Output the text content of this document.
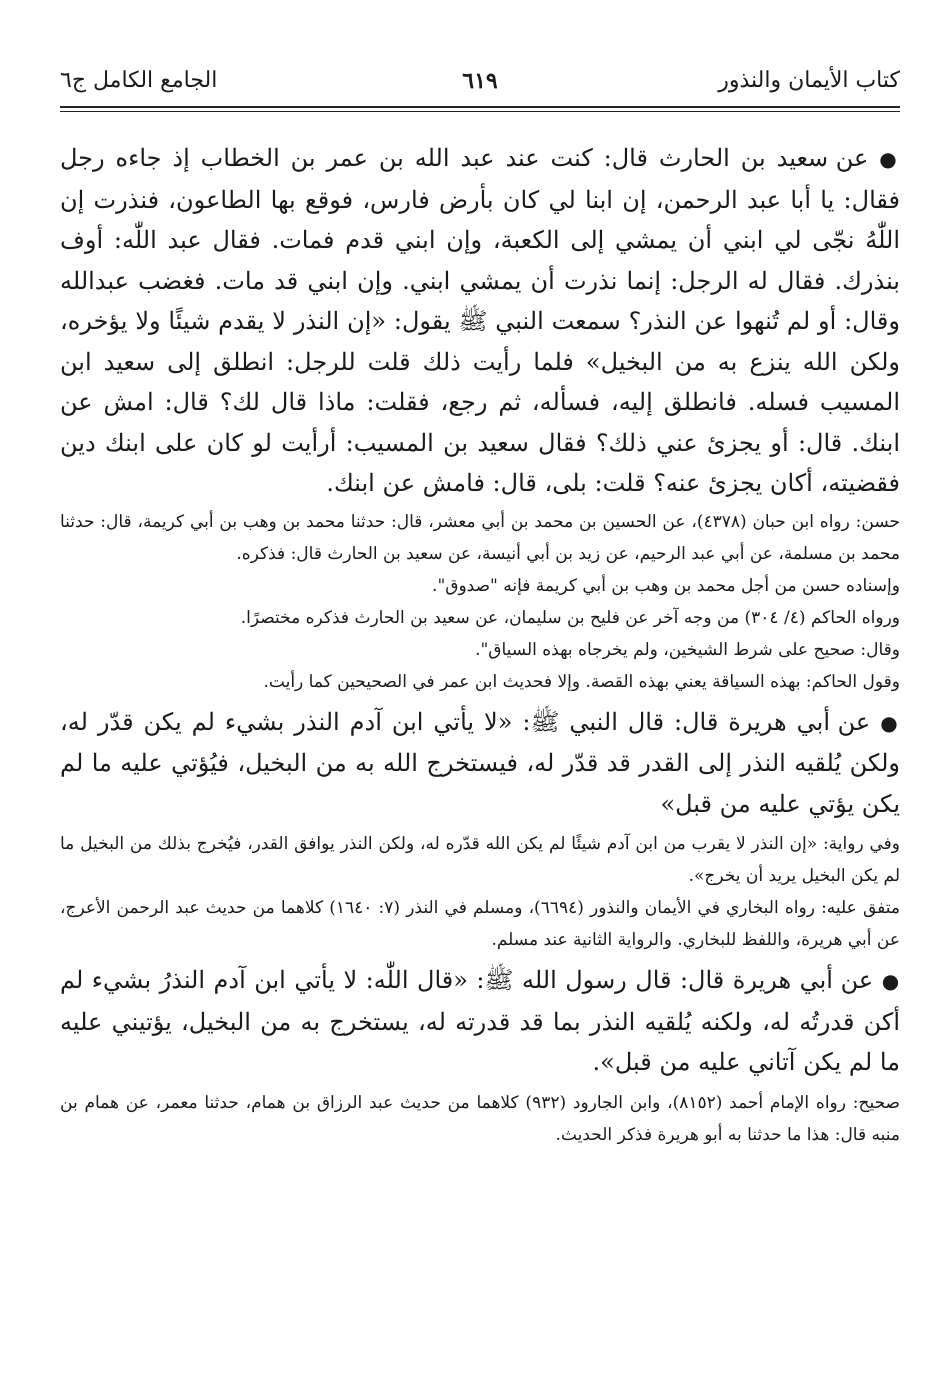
كتاب الأيمان والنذور
٦١٩
الجامع الكامل ج٦

● عن سعيد بن الحارث قال: كنت عند عبد الله بن عمر بن الخطاب إذ جاءه رجل فقال: يا أبا عبد الرحمن، إن ابنا لي كان بأرض فارس، فوقع بها الطاعون، فنذرت إن اللّٰهُ نجّى لي ابني أن يمشي إلى الكعبة، وإن ابني قدم فمات. فقال عبد اللّٰه: أوف بنذرك. فقال له الرجل: إنما نذرت أن يمشي ابني. وإن ابني قد مات. فغضب عبدالله وقال: أو لم تُنهوا عن النذر؟ سمعت النبي ﷺ يقول: «إن النذر لا يقدم شيئًا ولا يؤخره، ولكن الله ينزع به من البخيل» فلما رأيت ذلك قلت للرجل: انطلق إلى سعيد ابن المسيب فسله. فانطلق إليه، فسأله، ثم رجع، فقلت: ماذا قال لك؟ قال: امش عن ابنك. قال: أو يجزئ عني ذلك؟ فقال سعيد بن المسيب: أرأيت لو كان على ابنك دين فقضيته، أكان يجزئ عنه؟ قلت: بلى، قال: فامش عن ابنك.

حسن: رواه ابن حبان (٤٣٧٨)، عن الحسين بن محمد بن أبي معشر، قال: حدثنا محمد بن وهب بن أبي كريمة، قال: حدثنا محمد بن مسلمة، عن أبي عبد الرحيم، عن زيد بن أبي أنيسة، عن سعيد بن الحارث قال: فذكره.

وإسناده حسن من أجل محمد بن وهب بن أبي كريمة فإنه "صدوق".

ورواه الحاكم (٤/ ٣٠٤) من وجه آخر عن فليح بن سليمان، عن سعيد بن الحارث فذكره مختصرًا.

وقال: صحيح على شرط الشيخين، ولم يخرجاه بهذه السياق".

وقول الحاكم: بهذه السياقة يعني بهذه القصة. وإلا فحديث ابن عمر في الصحيحين كما رأيت.

● عن أبي هريرة قال: قال النبي ﷺ: «لا يأتي ابن آدم النذر بشيء لم يكن قدّر له، ولكن يُلقيه النذر إلى القدر قد قدّر له، فيستخرج الله به من البخيل، فيُؤتي عليه ما لم يكن يؤتي عليه من قبل»

وفي رواية: «إن النذر لا يقرب من ابن آدم شيئًا لم يكن الله قدّره له، ولكن النذر يوافق القدر، فيُخرج بذلك من البخيل ما لم يكن البخيل يريد أن يخرج».

متفق عليه: رواه البخاري في الأيمان والنذور (٦٦٩٤)، ومسلم في النذر (٧: ١٦٤٠) كلاهما من حديث عبد الرحمن الأعرج، عن أبي هريرة، واللفظ للبخاري. والرواية الثانية عند مسلم.

● عن أبي هريرة قال: قال رسول الله ﷺ: «قال اللّٰه: لا يأتي ابن آدم النذرُ بشيء لم أكن قدرتُه له، ولكنه يُلقيه النذر بما قد قدرته له، يستخرج به من البخيل، يؤتيني عليه ما لم يكن آتاني عليه من قبل».

صحيح: رواه الإمام أحمد (٨١٥٢)، وابن الجارود (٩٣٢) كلاهما من حديث عبد الرزاق بن همام، حدثنا معمر، عن همام بن منبه قال: هذا ما حدثنا به أبو هريرة فذكر الحديث.
